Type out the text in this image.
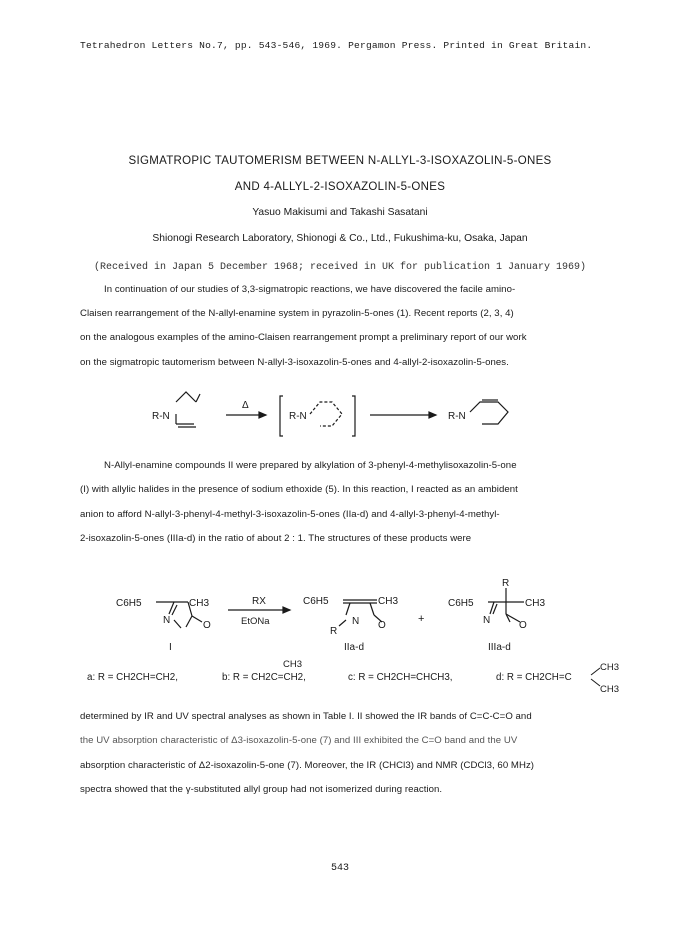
Tetrahedron Letters No.7, pp. 543-546, 1969. Pergamon Press. Printed in Great Britain.
SIGMATROPIC TAUTOMERISM BETWEEN N-ALLYL-3-ISOXAZOLIN-5-ONES
AND 4-ALLYL-2-ISOXAZOLIN-5-ONES
Yasuo Makisumi and Takashi Sasatani
Shionogi Research Laboratory, Shionogi & Co., Ltd., Fukushima-ku, Osaka, Japan
(Received in Japan 5 December 1968; received in UK for publication 1 January 1969)
In continuation of our studies of 3,3-sigmatropic reactions, we have discovered the facile amino-
Claisen rearrangement of the N-allyl-enamine system in pyrazolin-5-ones (1). Recent reports (2, 3, 4)
on the analogous examples of the amino-Claisen rearrangement prompt a preliminary report of our work
on the sigmatropic tautomerism between N-allyl-3-isoxazolin-5-ones and 4-allyl-2-isoxazolin-5-ones.
R-N
Δ
R-N	R-N
N-Allyl-enamine compounds II were prepared by alkylation of 3-phenyl-4-methylisoxazolin-5-one
(I) with allylic halides in the presence of sodium ethoxide (5). In this reaction, I reacted as an ambident
anion to afford N-allyl-3-phenyl-4-methyl-3-isoxazolin-5-ones (IIa-d) and 4-allyl-3-phenyl-4-methyl-
2-isoxazolin-5-ones (IIIa-d) in the ratio of about 2 : 1. The structures of these products were
C6H5	CH3
N	O
I
RX
EtONa
C6H5	CH3
N O
R
IIa-d
+
C6H5	CH3
R
N	O
IIIa-d
CH3
a: R = CH2CH=CH2,	b: R = CH2C=CH2,	c: R = CH2CH=CHCH3,	d: R = CH2CH=C
CH3
CH3
determined by IR and UV spectral analyses as shown in Table I. II showed the IR bands of C=C-C=O and
the UV absorption characteristic of Δ3-isoxazolin-5-one (7) and III exhibited the C=O band and the UV
absorption characteristic of Δ2-isoxazolin-5-one (7). Moreover, the IR (CHCl3) and NMR (CDCl3, 60 MHz)
spectra showed that the γ-substituted allyl group had not isomerized during reaction.
543
